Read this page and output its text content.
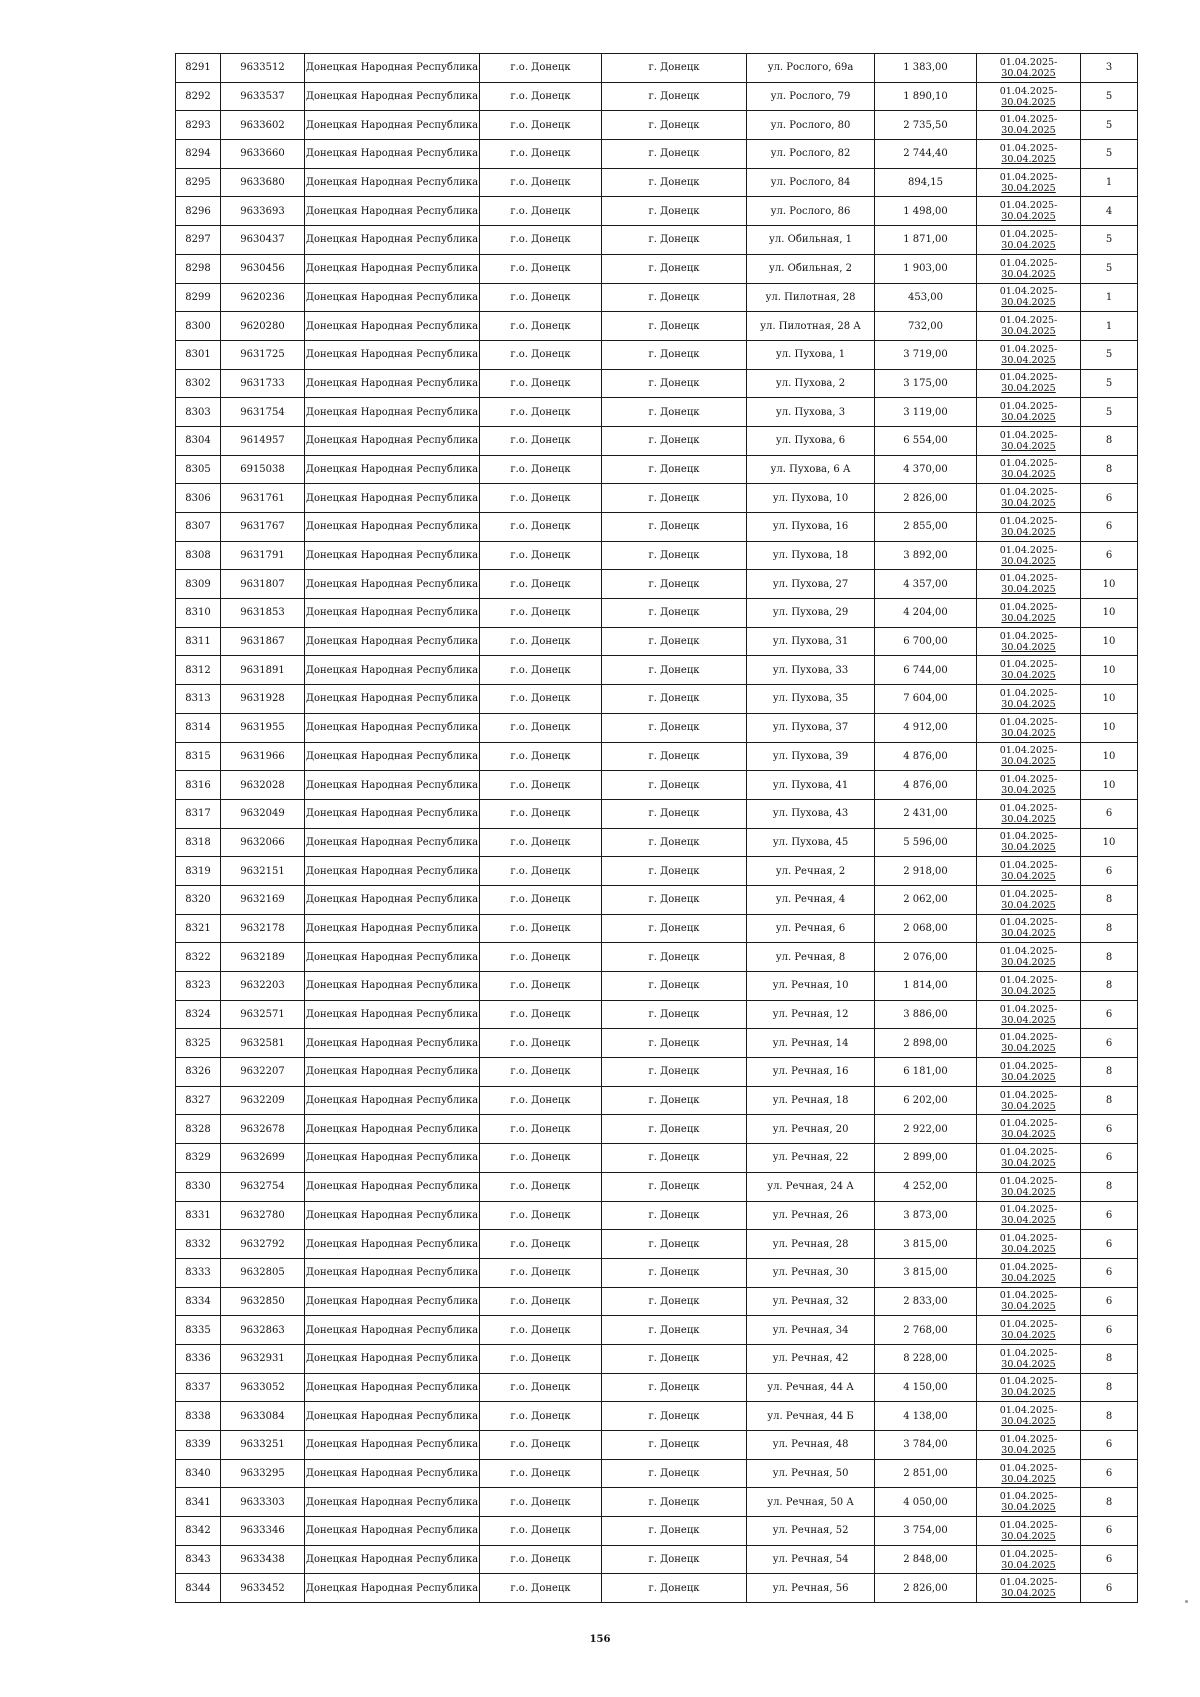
8291	9633512	Донецкая Народная Республика	г.о. Донецк	г. Донецк	ул. Рослого, 69а	1 383,00	01.04.2025-
30.04.2025	3
8292	9633537	Донецкая Народная Республика	г.о. Донецк	г. Донецк	ул. Рослого, 79	1 890,10	01.04.2025-
30.04.2025	5
8293	9633602	Донецкая Народная Республика	г.о. Донецк	г. Донецк	ул. Рослого, 80	2 735,50	01.04.2025-
30.04.2025	5
8294	9633660	Донецкая Народная Республика	г.о. Донецк	г. Донецк	ул. Рослого, 82	2 744,40	01.04.2025-
30.04.2025	5
8295	9633680	Донецкая Народная Республика	г.о. Донецк	г. Донецк	ул. Рослого, 84	894,15	01.04.2025-
30.04.2025	1
8296	9633693	Донецкая Народная Республика	г.о. Донецк	г. Донецк	ул. Рослого, 86	1 498,00	01.04.2025-
30.04.2025	4
8297	9630437	Донецкая Народная Республика	г.о. Донецк	г. Донецк	ул. Обильная, 1	1 871,00	01.04.2025-
30.04.2025	5
8298	9630456	Донецкая Народная Республика	г.о. Донецк	г. Донецк	ул. Обильная, 2	1 903,00	01.04.2025-
30.04.2025	5
8299	9620236	Донецкая Народная Республика	г.о. Донецк	г. Донецк	ул. Пилотная, 28	453,00	01.04.2025-
30.04.2025	1
8300	9620280	Донецкая Народная Республика	г.о. Донецк	г. Донецк	ул. Пилотная, 28 А	732,00	01.04.2025-
30.04.2025	1
8301	9631725	Донецкая Народная Республика	г.о. Донецк	г. Донецк	ул. Пухова, 1	3 719,00	01.04.2025-
30.04.2025	5
8302	9631733	Донецкая Народная Республика	г.о. Донецк	г. Донецк	ул. Пухова, 2	3 175,00	01.04.2025-
30.04.2025	5
8303	9631754	Донецкая Народная Республика	г.о. Донецк	г. Донецк	ул. Пухова, 3	3 119,00	01.04.2025-
30.04.2025	5
8304	9614957	Донецкая Народная Республика	г.о. Донецк	г. Донецк	ул. Пухова, 6	6 554,00	01.04.2025-
30.04.2025	8
8305	6915038	Донецкая Народная Республика	г.о. Донецк	г. Донецк	ул. Пухова, 6 А	4 370,00	01.04.2025-
30.04.2025	8
8306	9631761	Донецкая Народная Республика	г.о. Донецк	г. Донецк	ул. Пухова, 10	2 826,00	01.04.2025-
30.04.2025	6
8307	9631767	Донецкая Народная Республика	г.о. Донецк	г. Донецк	ул. Пухова, 16	2 855,00	01.04.2025-
30.04.2025	6
8308	9631791	Донецкая Народная Республика	г.о. Донецк	г. Донецк	ул. Пухова, 18	3 892,00	01.04.2025-
30.04.2025	6
8309	9631807	Донецкая Народная Республика	г.о. Донецк	г. Донецк	ул. Пухова, 27	4 357,00	01.04.2025-
30.04.2025	10
8310	9631853	Донецкая Народная Республика	г.о. Донецк	г. Донецк	ул. Пухова, 29	4 204,00	01.04.2025-
30.04.2025	10
8311	9631867	Донецкая Народная Республика	г.о. Донецк	г. Донецк	ул. Пухова, 31	6 700,00	01.04.2025-
30.04.2025	10
8312	9631891	Донецкая Народная Республика	г.о. Донецк	г. Донецк	ул. Пухова, 33	6 744,00	01.04.2025-
30.04.2025	10
8313	9631928	Донецкая Народная Республика	г.о. Донецк	г. Донецк	ул. Пухова, 35	7 604,00	01.04.2025-
30.04.2025	10
8314	9631955	Донецкая Народная Республика	г.о. Донецк	г. Донецк	ул. Пухова, 37	4 912,00	01.04.2025-
30.04.2025	10
8315	9631966	Донецкая Народная Республика	г.о. Донецк	г. Донецк	ул. Пухова, 39	4 876,00	01.04.2025-
30.04.2025	10
8316	9632028	Донецкая Народная Республика	г.о. Донецк	г. Донецк	ул. Пухова, 41	4 876,00	01.04.2025-
30.04.2025	10
8317	9632049	Донецкая Народная Республика	г.о. Донецк	г. Донецк	ул. Пухова, 43	2 431,00	01.04.2025-
30.04.2025	6
8318	9632066	Донецкая Народная Республика	г.о. Донецк	г. Донецк	ул. Пухова, 45	5 596,00	01.04.2025-
30.04.2025	10
8319	9632151	Донецкая Народная Республика	г.о. Донецк	г. Донецк	ул. Речная, 2	2 918,00	01.04.2025-
30.04.2025	6
8320	9632169	Донецкая Народная Республика	г.о. Донецк	г. Донецк	ул. Речная, 4	2 062,00	01.04.2025-
30.04.2025	8
8321	9632178	Донецкая Народная Республика	г.о. Донецк	г. Донецк	ул. Речная, 6	2 068,00	01.04.2025-
30.04.2025	8
8322	9632189	Донецкая Народная Республика	г.о. Донецк	г. Донецк	ул. Речная, 8	2 076,00	01.04.2025-
30.04.2025	8
8323	9632203	Донецкая Народная Республика	г.о. Донецк	г. Донецк	ул. Речная, 10	1 814,00	01.04.2025-
30.04.2025	8
8324	9632571	Донецкая Народная Республика	г.о. Донецк	г. Донецк	ул. Речная, 12	3 886,00	01.04.2025-
30.04.2025	6
8325	9632581	Донецкая Народная Республика	г.о. Донецк	г. Донецк	ул. Речная, 14	2 898,00	01.04.2025-
30.04.2025	6
8326	9632207	Донецкая Народная Республика	г.о. Донецк	г. Донецк	ул. Речная, 16	6 181,00	01.04.2025-
30.04.2025	8
8327	9632209	Донецкая Народная Республика	г.о. Донецк	г. Донецк	ул. Речная, 18	6 202,00	01.04.2025-
30.04.2025	8
8328	9632678	Донецкая Народная Республика	г.о. Донецк	г. Донецк	ул. Речная, 20	2 922,00	01.04.2025-
30.04.2025	6
8329	9632699	Донецкая Народная Республика	г.о. Донецк	г. Донецк	ул. Речная, 22	2 899,00	01.04.2025-
30.04.2025	6
8330	9632754	Донецкая Народная Республика	г.о. Донецк	г. Донецк	ул. Речная, 24 А	4 252,00	01.04.2025-
30.04.2025	8
8331	9632780	Донецкая Народная Республика	г.о. Донецк	г. Донецк	ул. Речная, 26	3 873,00	01.04.2025-
30.04.2025	6
8332	9632792	Донецкая Народная Республика	г.о. Донецк	г. Донецк	ул. Речная, 28	3 815,00	01.04.2025-
30.04.2025	6
8333	9632805	Донецкая Народная Республика	г.о. Донецк	г. Донецк	ул. Речная, 30	3 815,00	01.04.2025-
30.04.2025	6
8334	9632850	Донецкая Народная Республика	г.о. Донецк	г. Донецк	ул. Речная, 32	2 833,00	01.04.2025-
30.04.2025	6
8335	9632863	Донецкая Народная Республика	г.о. Донецк	г. Донецк	ул. Речная, 34	2 768,00	01.04.2025-
30.04.2025	6
8336	9632931	Донецкая Народная Республика	г.о. Донецк	г. Донецк	ул. Речная, 42	8 228,00	01.04.2025-
30.04.2025	8
8337	9633052	Донецкая Народная Республика	г.о. Донецк	г. Донецк	ул. Речная, 44 А	4 150,00	01.04.2025-
30.04.2025	8
8338	9633084	Донецкая Народная Республика	г.о. Донецк	г. Донецк	ул. Речная, 44 Б	4 138,00	01.04.2025-
30.04.2025	8
8339	9633251	Донецкая Народная Республика	г.о. Донецк	г. Донецк	ул. Речная, 48	3 784,00	01.04.2025-
30.04.2025	6
8340	9633295	Донецкая Народная Республика	г.о. Донецк	г. Донецк	ул. Речная, 50	2 851,00	01.04.2025-
30.04.2025	6
8341	9633303	Донецкая Народная Республика	г.о. Донецк	г. Донецк	ул. Речная, 50 А	4 050,00	01.04.2025-
30.04.2025	8
8342	9633346	Донецкая Народная Республика	г.о. Донецк	г. Донецк	ул. Речная, 52	3 754,00	01.04.2025-
30.04.2025	6
8343	9633438	Донецкая Народная Республика	г.о. Донецк	г. Донецк	ул. Речная, 54	2 848,00	01.04.2025-
30.04.2025	6
8344	9633452	Донецкая Народная Республика	г.о. Донецк	г. Донецк	ул. Речная, 56	2 826,00	01.04.2025-
30.04.2025	6
156
